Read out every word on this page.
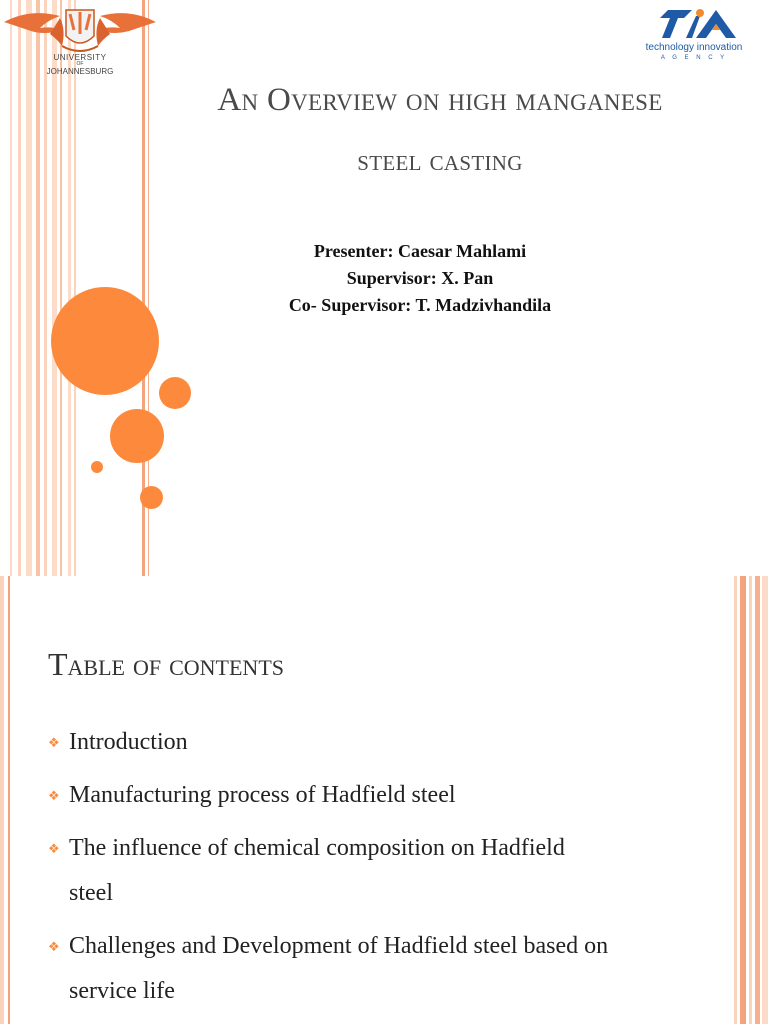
UNIVERSITY
OF
JOHANNESBURG
technology innovation
A G E N C Y
An Overview on high manganese
steel casting
Presenter: Caesar Mahlami
Supervisor: X. Pan
Co- Supervisor: T. Madzivhandila
Table of contents
❖ Introduction
❖ Manufacturing process of Hadfield steel
❖ The influence of chemical composition on Hadfield steel
❖ Challenges and Development of Hadfield steel based on service life
